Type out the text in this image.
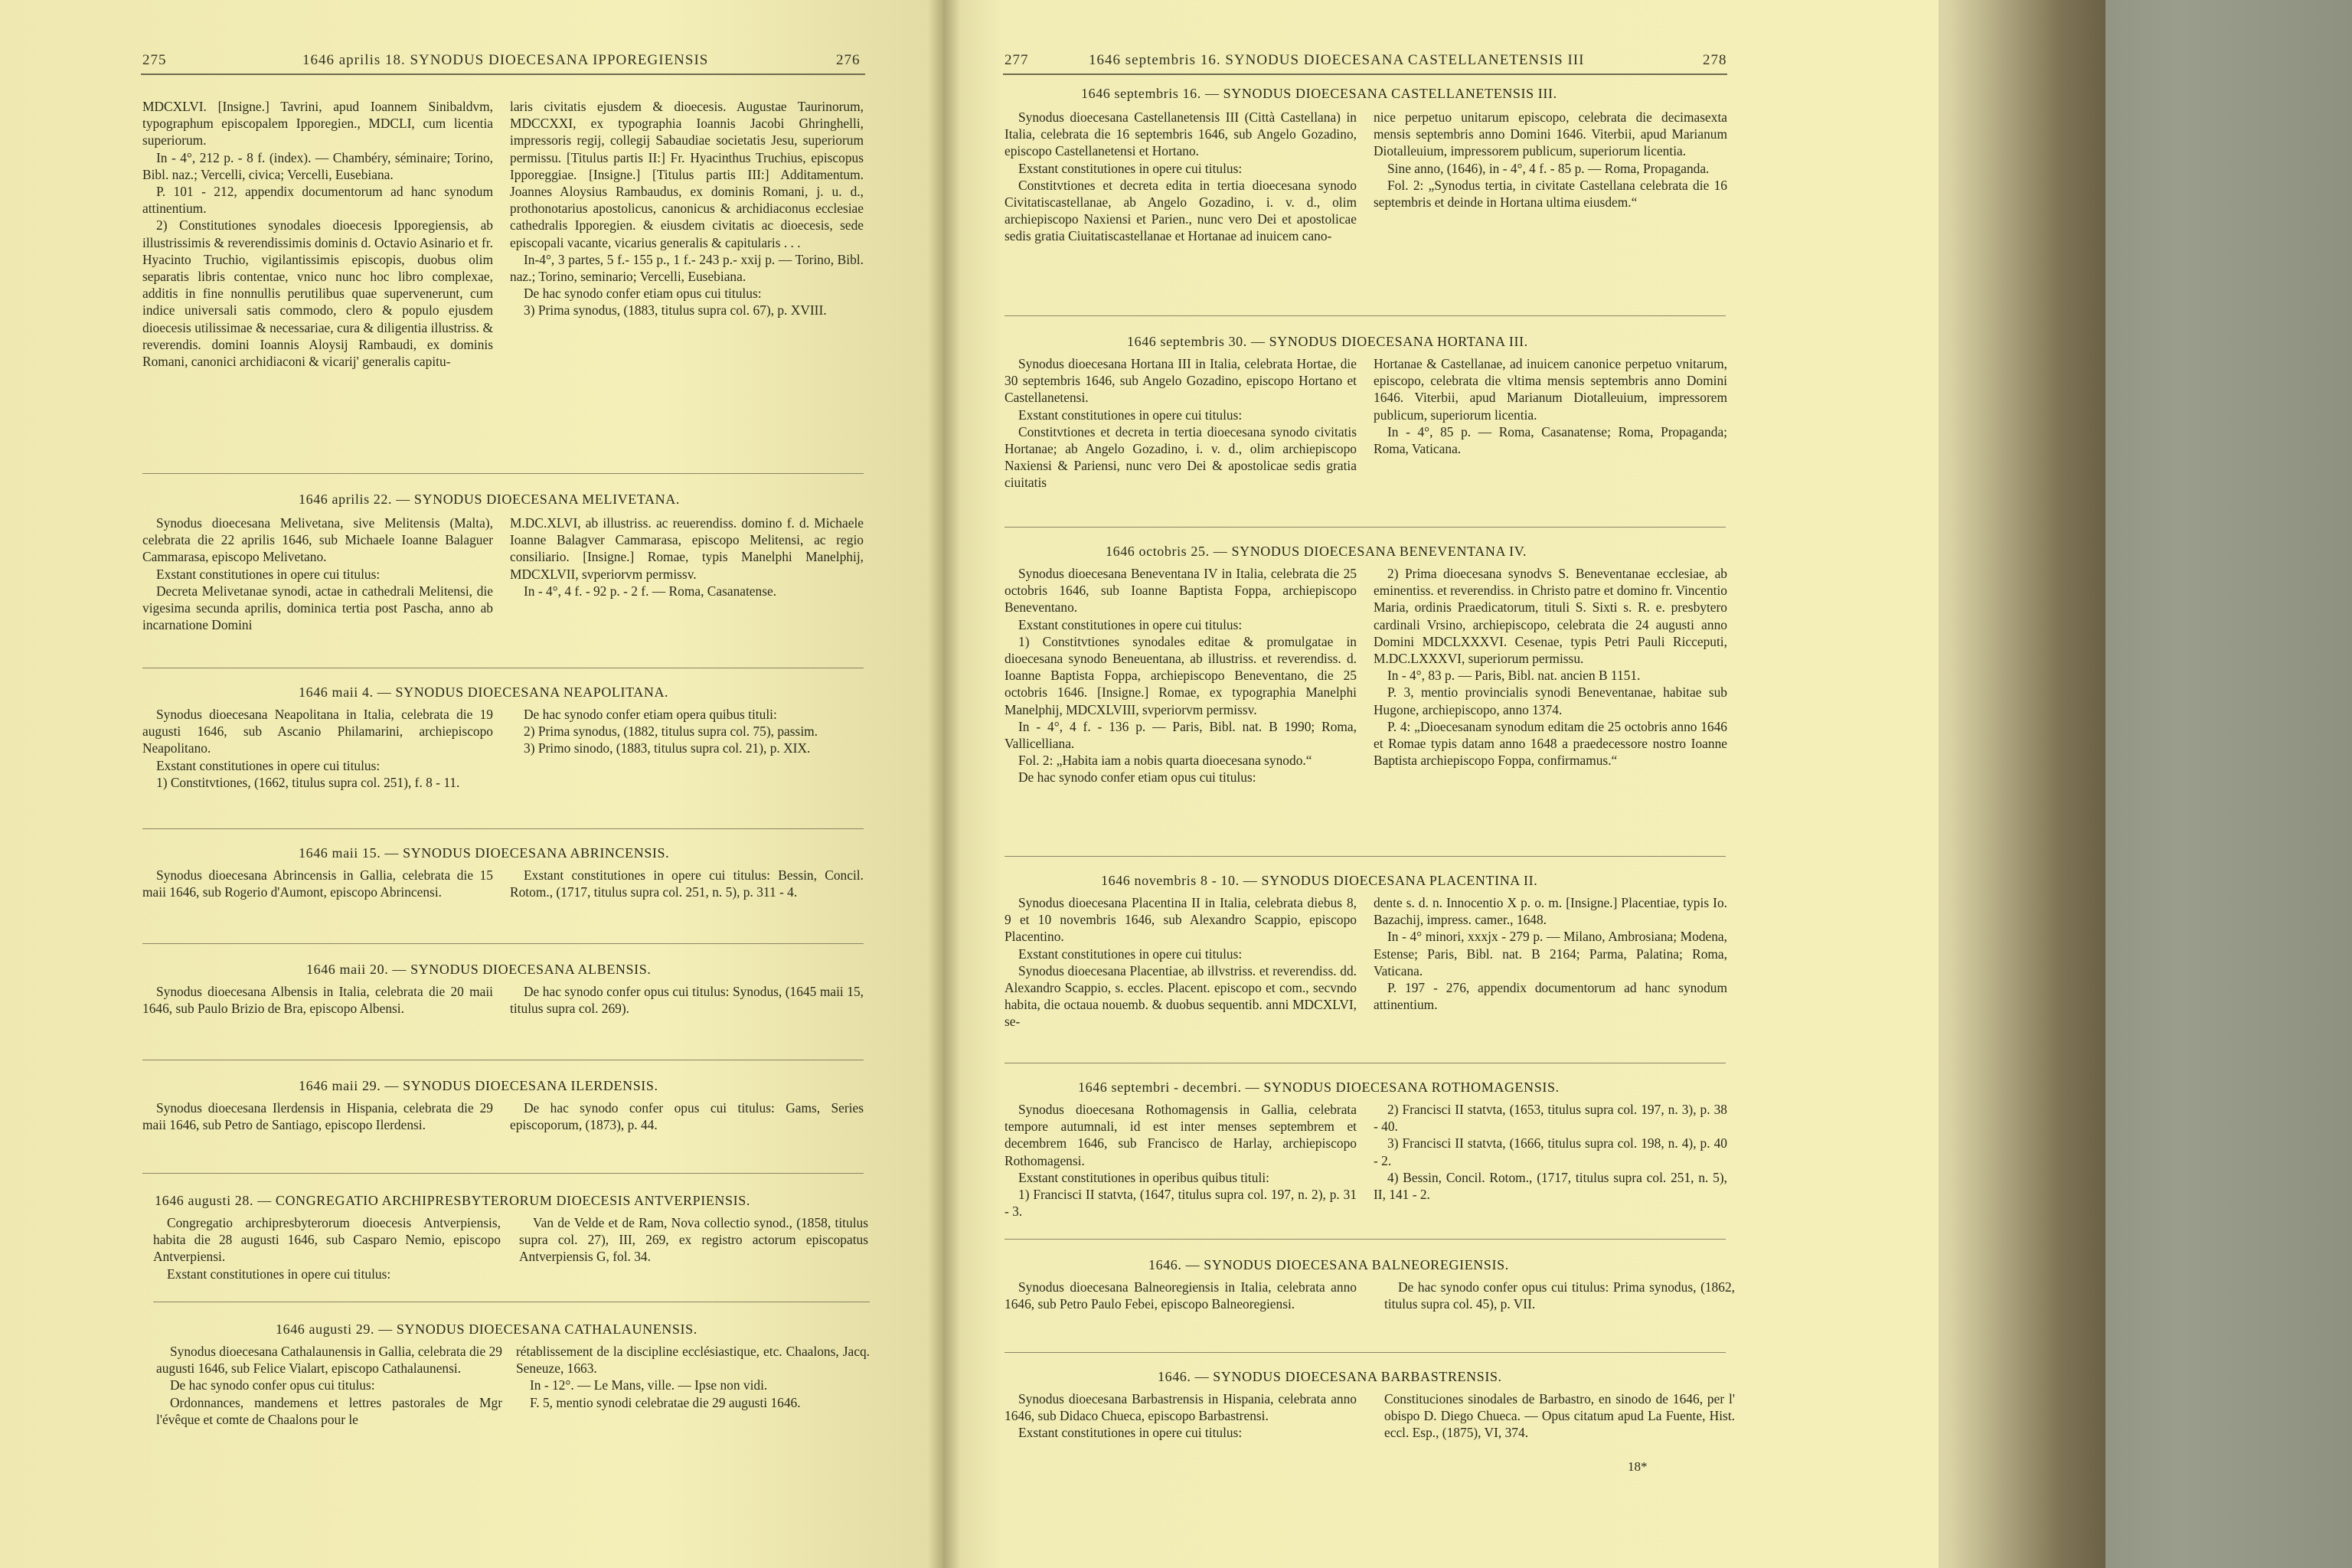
275	1646 aprilis 18. SYNODUS DIOECESANA IPPOREGIENSIS	276

MDCXLVI. [Insigne.] Tavrini, apud Ioannem Sinibaldvm, typographum episcopalem Ipporegien., MDCLI, cum licentia superiorum.

In - 4°, 212 p. - 8 f. (index). — Chambéry, séminaire; Torino, Bibl. naz.; Vercelli, civica; Vercelli, Eusebiana.

P. 101 - 212, appendix documentorum ad hanc synodum attinentium.

2) Constitutiones synodales dioecesis Ipporegiensis, ab illustrissimis & reverendissimis dominis d. Octavio Asinario et fr. Hyacinto Truchio, vigilantissimis episcopis, duobus olim separatis libris contentae, vnico nunc hoc libro complexae, additis in fine nonnullis perutilibus quae supervenerunt, cum indice universali satis commodo, clero & populo ejusdem dioecesis utilissimae & necessariae, cura & diligentia illustriss. & reverendis. domini Ioannis Aloysij Rambaudi, ex dominis Romani, canonici archidiaconi & vicarij' generalis capitu-

laris civitatis ejusdem & dioecesis. Augustae Taurinorum, MDCCXXI, ex typographia Ioannis Jacobi Ghringhelli, impressoris regij, collegij Sabaudiae societatis Jesu, superiorum permissu. [Titulus partis II:] Fr. Hyacinthus Truchius, episcopus Ipporeggiae. [Insigne.] [Titulus partis III:] Additamentum. Joannes Aloysius Rambaudus, ex dominis Romani, j. u. d., prothonotarius apostolicus, canonicus & archidiaconus ecclesiae cathedralis Ipporegien. & eiusdem civitatis ac dioecesis, sede episcopali vacante, vicarius generalis & capitularis . . .

In-4°, 3 partes, 5 f.- 155 p., 1 f.- 243 p.- xxij p. — Torino, Bibl. naz.; Torino, seminario; Vercelli, Eusebiana.

De hac synodo confer etiam opus cui titulus:

3) Prima synodus, (1883, titulus supra col. 67), p. XVIII.

1646 aprilis 22. — SYNODUS DIOECESANA MELIVETANA.

Synodus dioecesana Melivetana, sive Melitensis (Malta), celebrata die 22 aprilis 1646, sub Michaele Ioanne Balaguer Cammarasa, episcopo Melivetano.

Exstant constitutiones in opere cui titulus:

Decreta Melivetanae synodi, actae in cathedrali Melitensi, die vigesima secunda aprilis, dominica tertia post Pascha, anno ab incarnatione Domini

M.DC.XLVI, ab illustriss. ac reuerendiss. domino f. d. Michaele Ioanne Balagver Cammarasa, episcopo Melitensi, ac regio consiliario. [Insigne.] Romae, typis Manelphi Manelphij, MDCXLVII, svperiorvm permissv.

In - 4°, 4 f. - 92 p. - 2 f. — Roma, Casanatense.

1646 maii 4. — SYNODUS DIOECESANA NEAPOLITANA.

Synodus dioecesana Neapolitana in Italia, celebrata die 19 augusti 1646, sub Ascanio Philamarini, archiepiscopo Neapolitano.

Exstant constitutiones in opere cui titulus:

1) Constitvtiones, (1662, titulus supra col. 251), f. 8 - 11.

De hac synodo confer etiam opera quibus tituli:

2) Prima synodus, (1882, titulus supra col. 75), passim.

3) Primo sinodo, (1883, titulus supra col. 21), p. XIX.

1646 maii 15. — SYNODUS DIOECESANA ABRINCENSIS.

Synodus dioecesana Abrincensis in Gallia, celebrata die 15 maii 1646, sub Rogerio d'Aumont, episcopo Abrincensi.

Exstant constitutiones in opere cui titulus: Bessin, Concil. Rotom., (1717, titulus supra col. 251, n. 5), p. 311 - 4.

1646 maii 20. — SYNODUS DIOECESANA ALBENSIS.

Synodus dioecesana Albensis in Italia, celebrata die 20 maii 1646, sub Paulo Brizio de Bra, episcopo Albensi.

De hac synodo confer opus cui titulus: Synodus, (1645 maii 15, titulus supra col. 269).

1646 maii 29. — SYNODUS DIOECESANA ILERDENSIS.

Synodus dioecesana Ilerdensis in Hispania, celebrata die 29 maii 1646, sub Petro de Santiago, episcopo Ilerdensi.

De hac synodo confer opus cui titulus: Gams, Series episcoporum, (1873), p. 44.

1646 augusti 28. — CONGREGATIO ARCHIPRESBYTERORUM DIOECESIS ANTVERPIENSIS.

Congregatio archipresbyterorum dioecesis Antverpiensis, habita die 28 augusti 1646, sub Casparo Nemio, episcopo Antverpiensi.

Exstant constitutiones in opere cui titulus:

Van de Velde et de Ram, Nova collectio synod., (1858, titulus supra col. 27), III, 269, ex registro actorum episcopatus Antverpiensis G, fol. 34.

1646 augusti 29. — SYNODUS DIOECESANA CATHALAUNENSIS.

Synodus dioecesana Cathalaunensis in Gallia, celebrata die 29 augusti 1646, sub Felice Vialart, episcopo Cathalaunensi.

De hac synodo confer opus cui titulus:

Ordonnances, mandemens et lettres pastorales de Mgr l'évêque et comte de Chaalons pour le

rétablissement de la discipline ecclésiastique, etc. Chaalons, Jacq. Seneuze, 1663.

In - 12°. — Le Mans, ville. — Ipse non vidi.

F. 5, mentio synodi celebratae die 29 augusti 1646.

277	1646 septembris 16. SYNODUS DIOECESANA CASTELLANETENSIS III	278
1646 septembris 16. — SYNODUS DIOECESANA CASTELLANETENSIS III.

Synodus dioecesana Castellanetensis III (Città Castellana) in Italia, celebrata die 16 septembris 1646, sub Angelo Gozadino, episcopo Castellanetensi et Hortano.

Exstant constitutiones in opere cui titulus:

Constitvtiones et decreta edita in tertia dioecesana synodo Civitatiscastellanae, ab Angelo Gozadino, i. v. d., olim archiepiscopo Naxiensi et Parien., nunc vero Dei et apostolicae sedis gratia Ciuitatiscastellanae et Hortanae ad inuicem cano-

nice perpetuo unitarum episcopo, celebrata die decimasexta mensis septembris anno Domini 1646. Viterbii, apud Marianum Diotalleuium, impressorem publicum, superiorum licentia.

Sine anno, (1646), in - 4°, 4 f. - 85 p. — Roma, Propaganda.

Fol. 2: „Synodus tertia, in civitate Castellana celebrata die 16 septembris et deinde in Hortana ultima eiusdem.“

1646 septembris 30. — SYNODUS DIOECESANA HORTANA III.

Synodus dioecesana Hortana III in Italia, celebrata Hortae, die 30 septembris 1646, sub Angelo Gozadino, episcopo Hortano et Castellanetensi.

Exstant constitutiones in opere cui titulus:

Constitvtiones et decreta in tertia dioecesana synodo civitatis Hortanae; ab Angelo Gozadino, i. v. d., olim archiepiscopo Naxiensi & Pariensi, nunc vero Dei & apostolicae sedis gratia ciuitatis

Hortanae & Castellanae, ad inuicem canonice perpetuo vnitarum, episcopo, celebrata die vltima mensis septembris anno Domini 1646. Viterbii, apud Marianum Diotalleuium, impressorem publicum, superiorum licentia.

In - 4°, 85 p. — Roma, Casanatense; Roma, Propaganda; Roma, Vaticana.

1646 octobris 25. — SYNODUS DIOECESANA BENEVENTANA IV.

Synodus dioecesana Beneventana IV in Italia, celebrata die 25 octobris 1646, sub Ioanne Baptista Foppa, archiepiscopo Beneventano.

Exstant constitutiones in opere cui titulus:

1) Constitvtiones synodales editae & promulgatae in dioecesana synodo Beneuentana, ab illustriss. et reverendiss. d. Ioanne Baptista Foppa, archiepiscopo Beneventano, die 25 octobris 1646. [Insigne.] Romae, ex typographia Manelphi Manelphij, MDCXLVIII, svperiorvm permissv.

In - 4°, 4 f. - 136 p. — Paris, Bibl. nat. B 1990; Roma, Vallicelliana.

Fol. 2: „Habita iam a nobis quarta dioecesana synodo.“

De hac synodo confer etiam opus cui titulus:

2) Prima dioecesana synodvs S. Beneventanae ecclesiae, ab eminentiss. et reverendiss. in Christo patre et domino fr. Vincentio Maria, ordinis Praedicatorum, tituli S. Sixti s. R. e. presbytero cardinali Vrsino, archiepiscopo, celebrata die 24 augusti anno Domini MDCLXXXVI. Cesenae, typis Petri Pauli Ricceputi, M.DC.LXXXVI, superiorum permissu.

In - 4°, 83 p. — Paris, Bibl. nat. ancien B 1151.

P. 3, mentio provincialis synodi Beneventanae, habitae sub Hugone, archiepiscopo, anno 1374.

P. 4: „Dioecesanam synodum editam die 25 octobris anno 1646 et Romae typis datam anno 1648 a praedecessore nostro Ioanne Baptista archiepiscopo Foppa, confirmamus.“

1646 novembris 8 - 10. — SYNODUS DIOECESANA PLACENTINA II.

Synodus dioecesana Placentina II in Italia, celebrata diebus 8, 9 et 10 novembris 1646, sub Alexandro Scappio, episcopo Placentino.

Exstant constitutiones in opere cui titulus:

Synodus dioecesana Placentiae, ab illvstriss. et reverendiss. dd. Alexandro Scappio, s. eccles. Placent. episcopo et com., secvndo habita, die octaua nouemb. & duobus sequentib. anni MDCXLVI, se-

dente s. d. n. Innocentio X p. o. m. [Insigne.] Placentiae, typis Io. Bazachij, impress. camer., 1648.

In - 4° minori, xxxjx - 279 p. — Milano, Ambrosiana; Modena, Estense; Paris, Bibl. nat. B 2164; Parma, Palatina; Roma, Vaticana.

P. 197 - 276, appendix documentorum ad hanc synodum attinentium.

1646 septembri - decembri. — SYNODUS DIOECESANA ROTHOMAGENSIS.

Synodus dioecesana Rothomagensis in Gallia, celebrata tempore autumnali, id est inter menses septembrem et decembrem 1646, sub Francisco de Harlay, archiepiscopo Rothomagensi.

Exstant constitutiones in operibus quibus tituli:

1) Francisci II statvta, (1647, titulus supra col. 197, n. 2), p. 31 - 3.

2) Francisci II statvta, (1653, titulus supra col. 197, n. 3), p. 38 - 40.

3) Francisci II statvta, (1666, titulus supra col. 198, n. 4), p. 40 - 2.

4) Bessin, Concil. Rotom., (1717, titulus supra col. 251, n. 5), II, 141 - 2.

1646. — SYNODUS DIOECESANA BALNEOREGIENSIS.

Synodus dioecesana Balneoregiensis in Italia, celebrata anno 1646, sub Petro Paulo Febei, episcopo Balneoregiensi.

De hac synodo confer opus cui titulus: Prima synodus, (1862, titulus supra col. 45), p. VII.

1646. — SYNODUS DIOECESANA BARBASTRENSIS.

Synodus dioecesana Barbastrensis in Hispania, celebrata anno 1646, sub Didaco Chueca, episcopo Barbastrensi.

Exstant constitutiones in opere cui titulus:

Constituciones sinodales de Barbastro, en sinodo de 1646, per l' obispo D. Diego Chueca. — Opus citatum apud La Fuente, Hist. eccl. Esp., (1875), VI, 374.

18*
